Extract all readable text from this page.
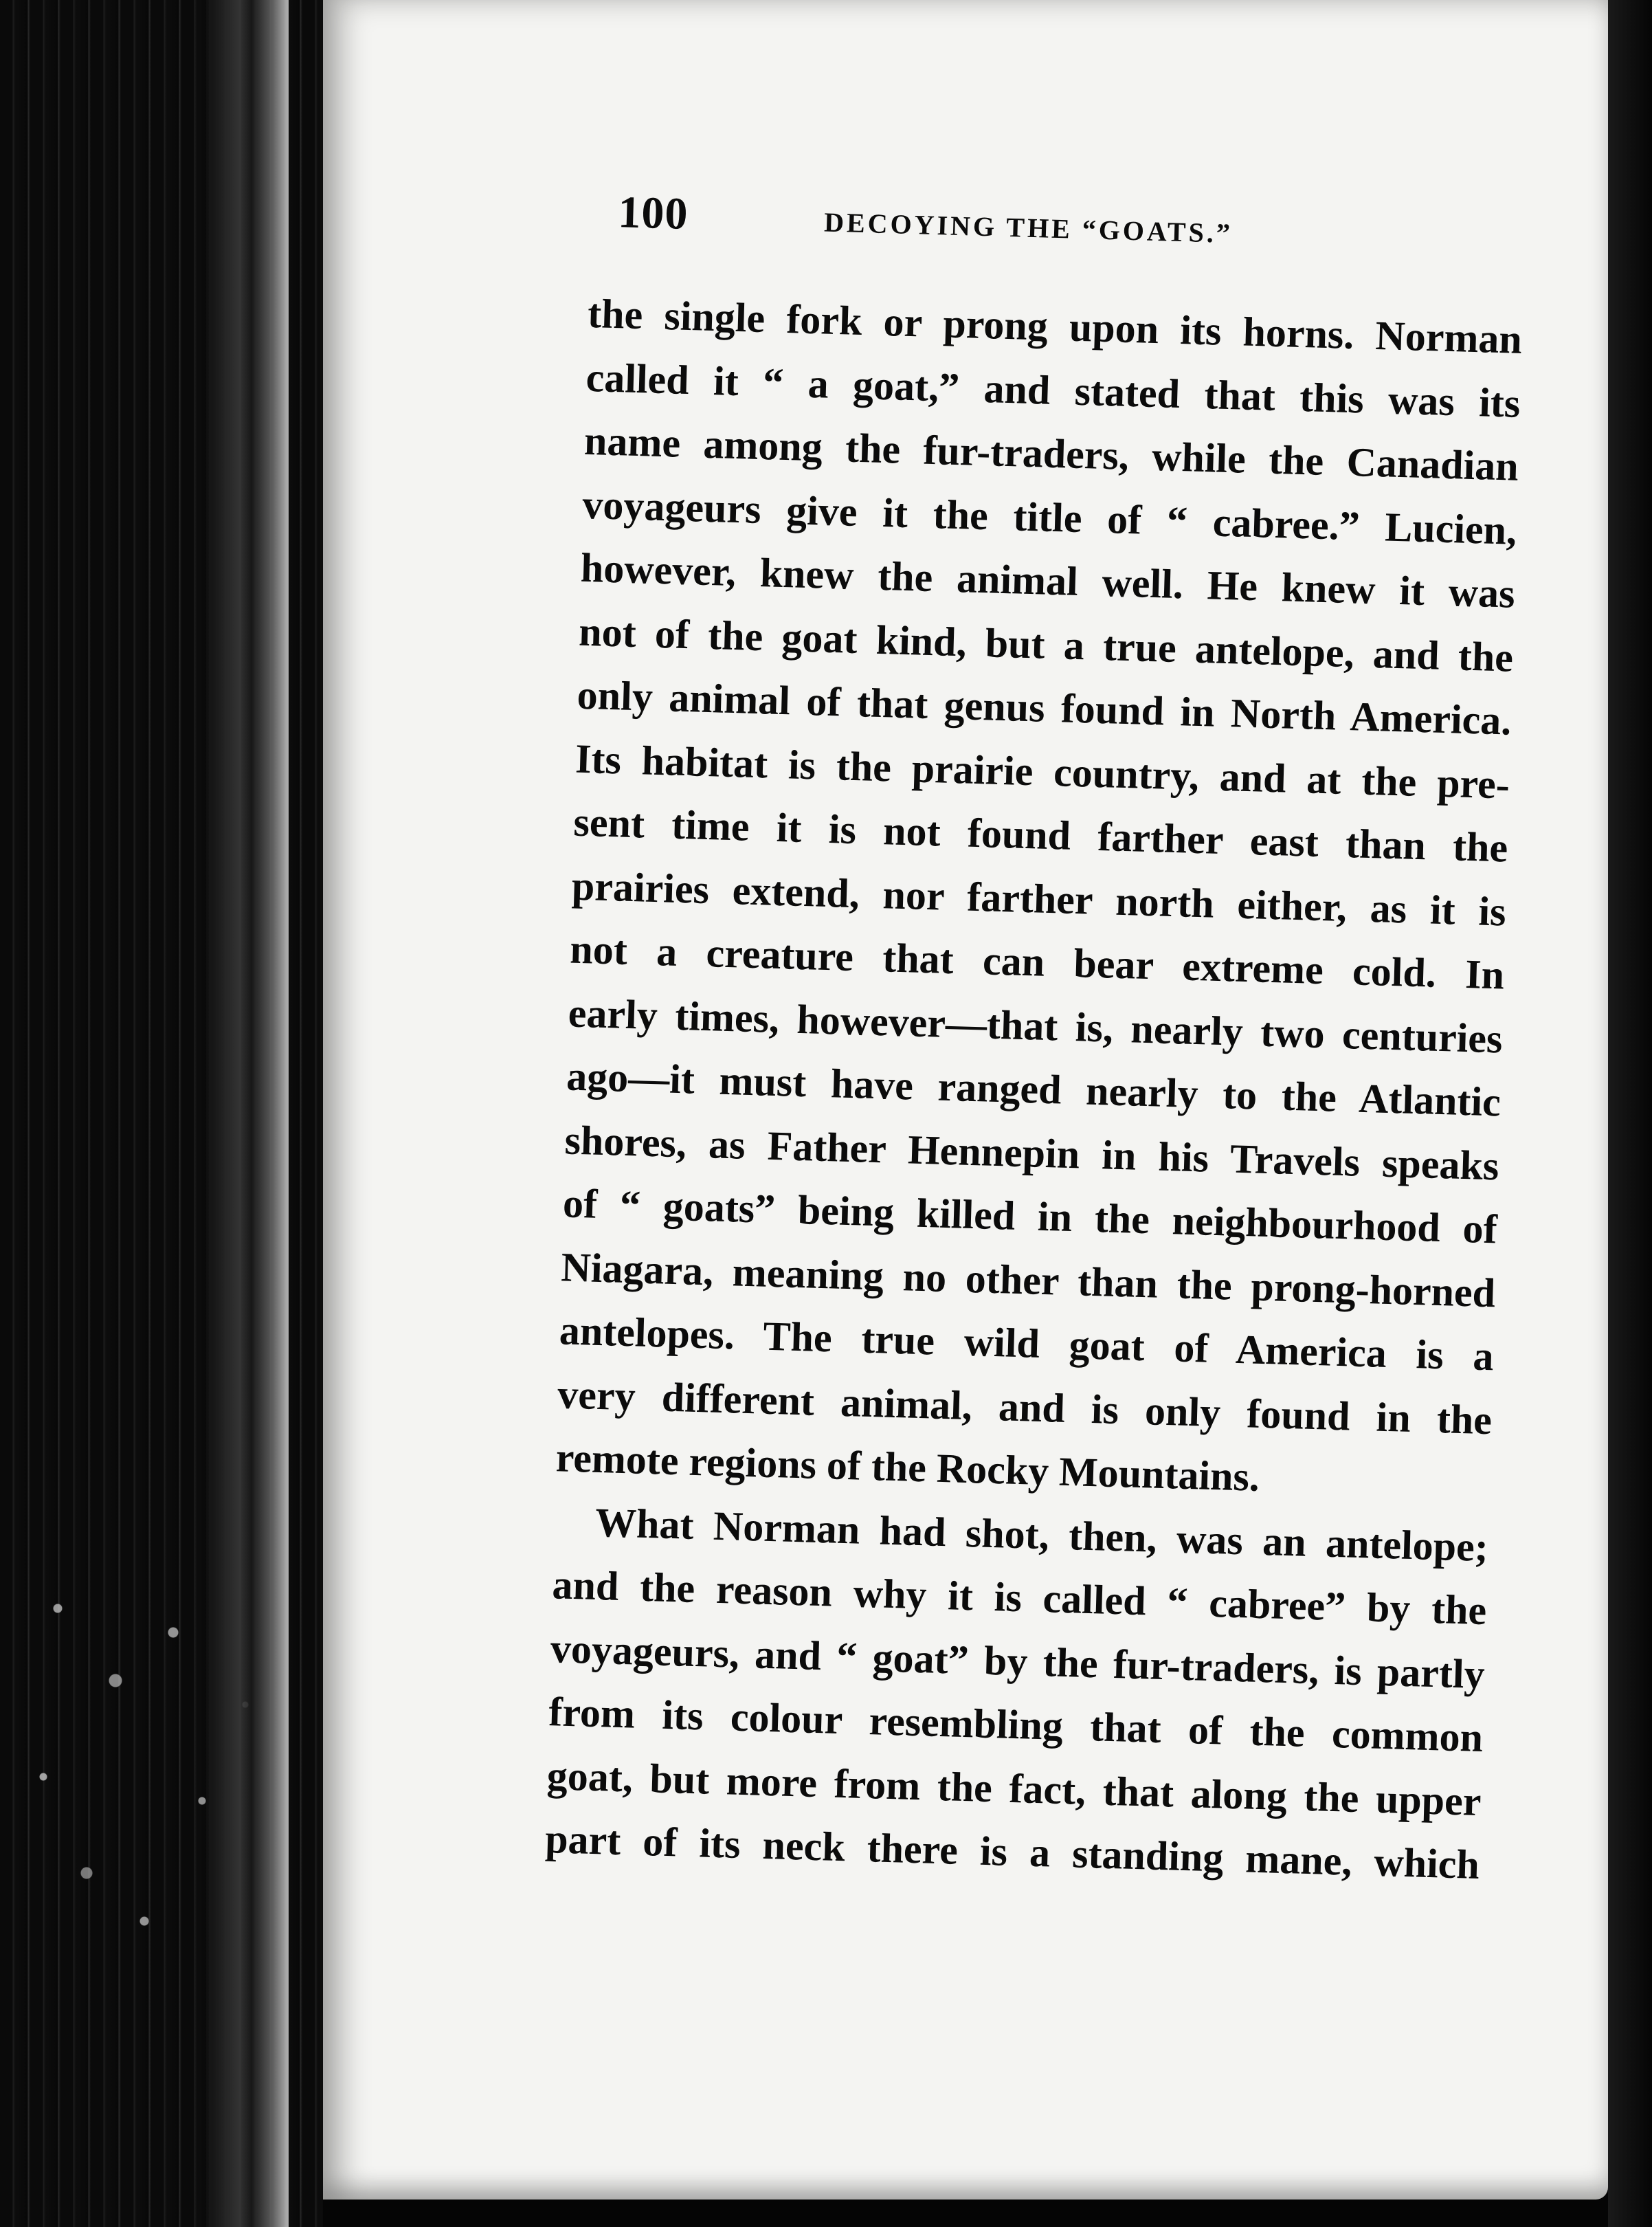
100	DECOYING THE “GOATS.”

the single fork or prong upon its horns. Norman
called it “ a goat,” and stated that this was its
name among the fur-traders, while the Canadian
voyageurs give it the title of “ cabree.” Lucien,
however, knew the animal well. He knew it was
not of the goat kind, but a true antelope, and the
only animal of that genus found in North America.
Its habitat is the prairie country, and at the pre-
sent time it is not found farther east than the
prairies extend, nor farther north either, as it is
not a creature that can bear extreme cold. In
early times, however—that is, nearly two centuries
ago—it must have ranged nearly to the Atlantic
shores, as Father Hennepin in his Travels speaks
of “ goats” being killed in the neighbourhood of
Niagara, meaning no other than the prong-horned
antelopes. The true wild goat of America is a
very different animal, and is only found in the
remote regions of the Rocky Mountains.

What Norman had shot, then, was an antelope;
and the reason why it is called “ cabree” by the
voyageurs, and “ goat” by the fur-traders, is partly
from its colour resembling that of the common
goat, but more from the fact, that along the upper
part of its neck there is a standing mane, which
